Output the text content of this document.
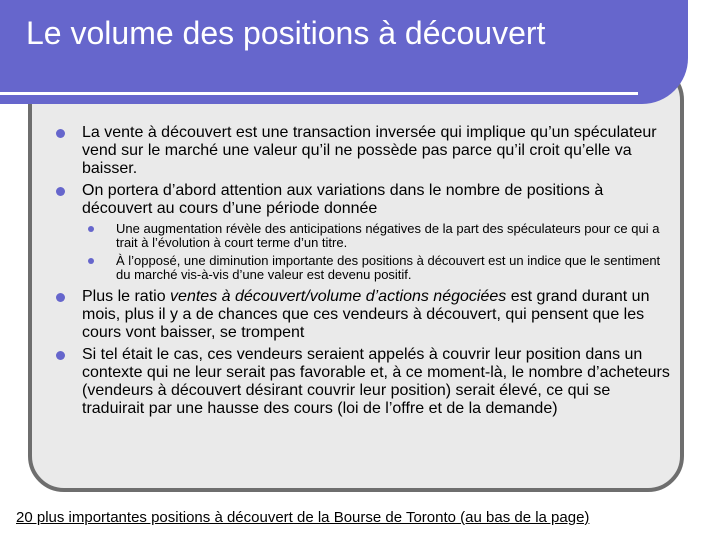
Le volume des positions à découvert
La vente à découvert est une transaction inversée qui implique qu’un spéculateur vend sur le marché une valeur qu’il ne possède pas parce qu’il croit qu’elle va baisser.
On portera d’abord attention aux variations dans le nombre de positions à découvert au cours d’une période donnée
Une augmentation révèle des anticipations négatives de la part des spéculateurs pour ce qui a trait à l’évolution à court terme d’un titre.
À l’opposé, une diminution importante des positions à découvert est un indice que le sentiment du marché vis-à-vis d’une valeur est devenu positif.
Plus le ratio ventes à découvert/volume d’actions négociées est grand durant un mois, plus il y a de chances que ces vendeurs à découvert, qui pensent que les cours vont baisser, se trompent
Si tel était le cas, ces vendeurs seraient appelés à couvrir leur position dans un contexte qui ne leur serait pas favorable et, à ce moment-là, le nombre d’acheteurs (vendeurs à découvert désirant couvrir leur position) serait élevé, ce qui se traduirait par une hausse des cours (loi de l’offre et de la demande)
20 plus importantes positions à découvert de la Bourse de Toronto (au bas de la page)
